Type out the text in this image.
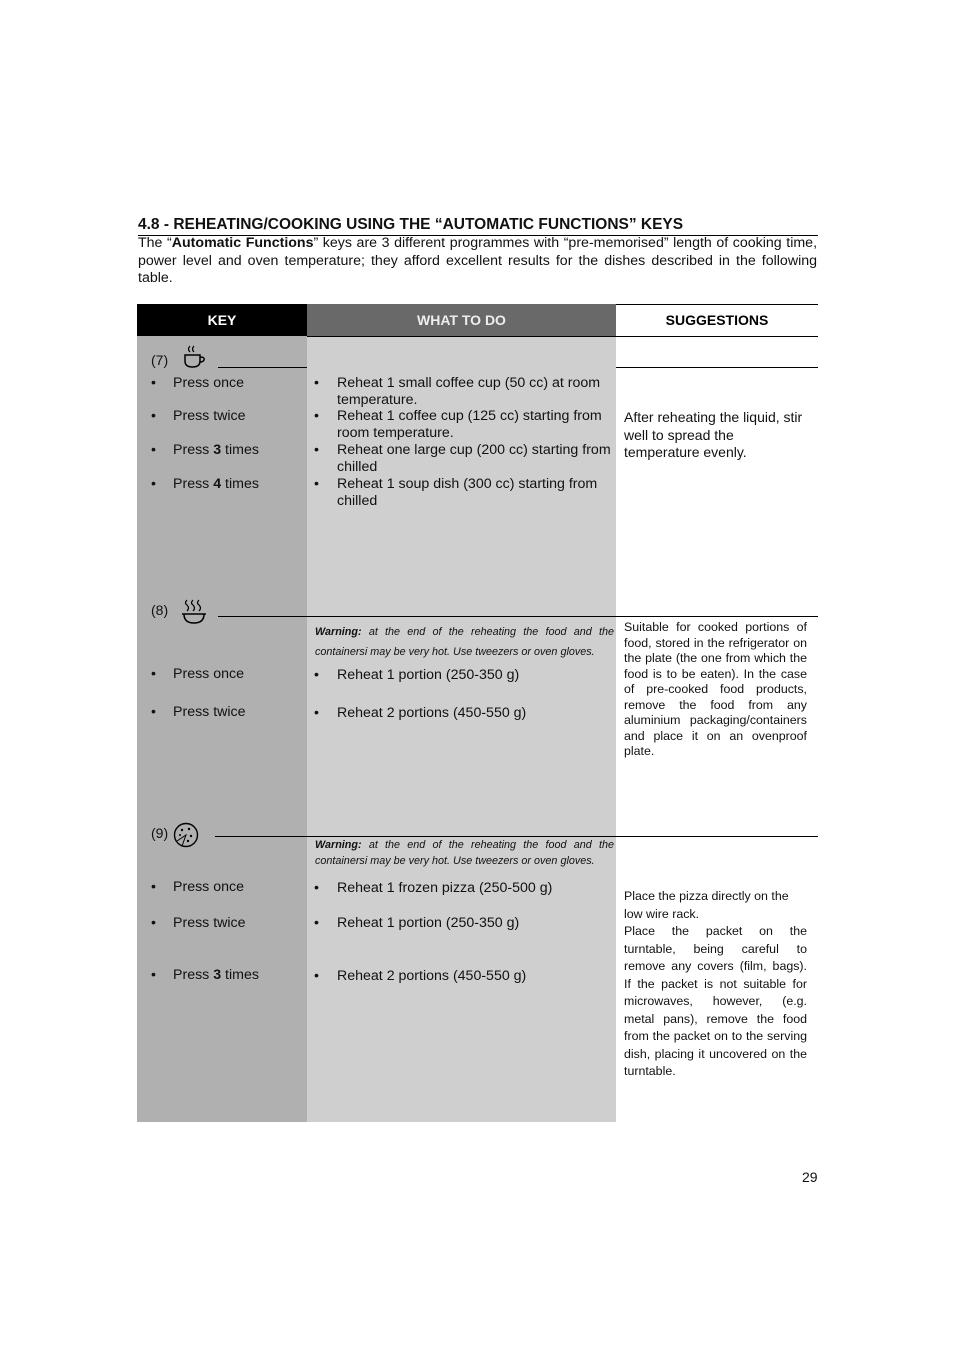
4.8 - REHEATING/COOKING USING THE “AUTOMATIC FUNCTIONS” KEYS
The “Automatic Functions” keys are 3 different programmes with “pre-memorised” length of cooking time, power level and oven temperature; they afford excellent results for the dishes described in the following table.
KEY	WHAT TO DO	SUGGESTIONS
(7)
• Press once
• Press twice
• Press 3 times
• Press 4 times
• Reheat 1 small coffee cup (50 cc) at room temperature.
• Reheat 1 coffee cup (125 cc) starting from room temperature.
• Reheat one large cup (200 cc) starting from chilled
• Reheat 1 soup dish (300 cc) starting from chilled
After reheating the liquid, stir well to spread the temperature evenly.
(8)
Warning: at the end of the reheating the food and the containersi may be very hot. Use tweezers or oven gloves.
• Press once
• Press twice
• Reheat 1 portion (250-350 g)
• Reheat 2 portions (450-550 g)
Suitable for cooked portions of food, stored in the refrigerator on the plate (the one from which the food is to be eaten). In the case of pre-cooked food products, remove the food from any aluminium packaging/containers and place it on an ovenproof plate.
(9)
Warning: at the end of the reheating the food and the containersi may be very hot. Use tweezers or oven gloves.
• Press once
• Press twice
• Press 3 times
• Reheat 1 frozen pizza (250-500 g)
• Reheat 1 portion (250-350 g)
• Reheat 2 portions (450-550 g)
Place the pizza directly on the low wire rack.
Place the packet on the turntable, being careful to remove any covers (film, bags). If the packet is not suitable for microwaves, however, (e.g. metal pans), remove the food from the packet on to the serving dish, placing it uncovered on the turntable.
29
